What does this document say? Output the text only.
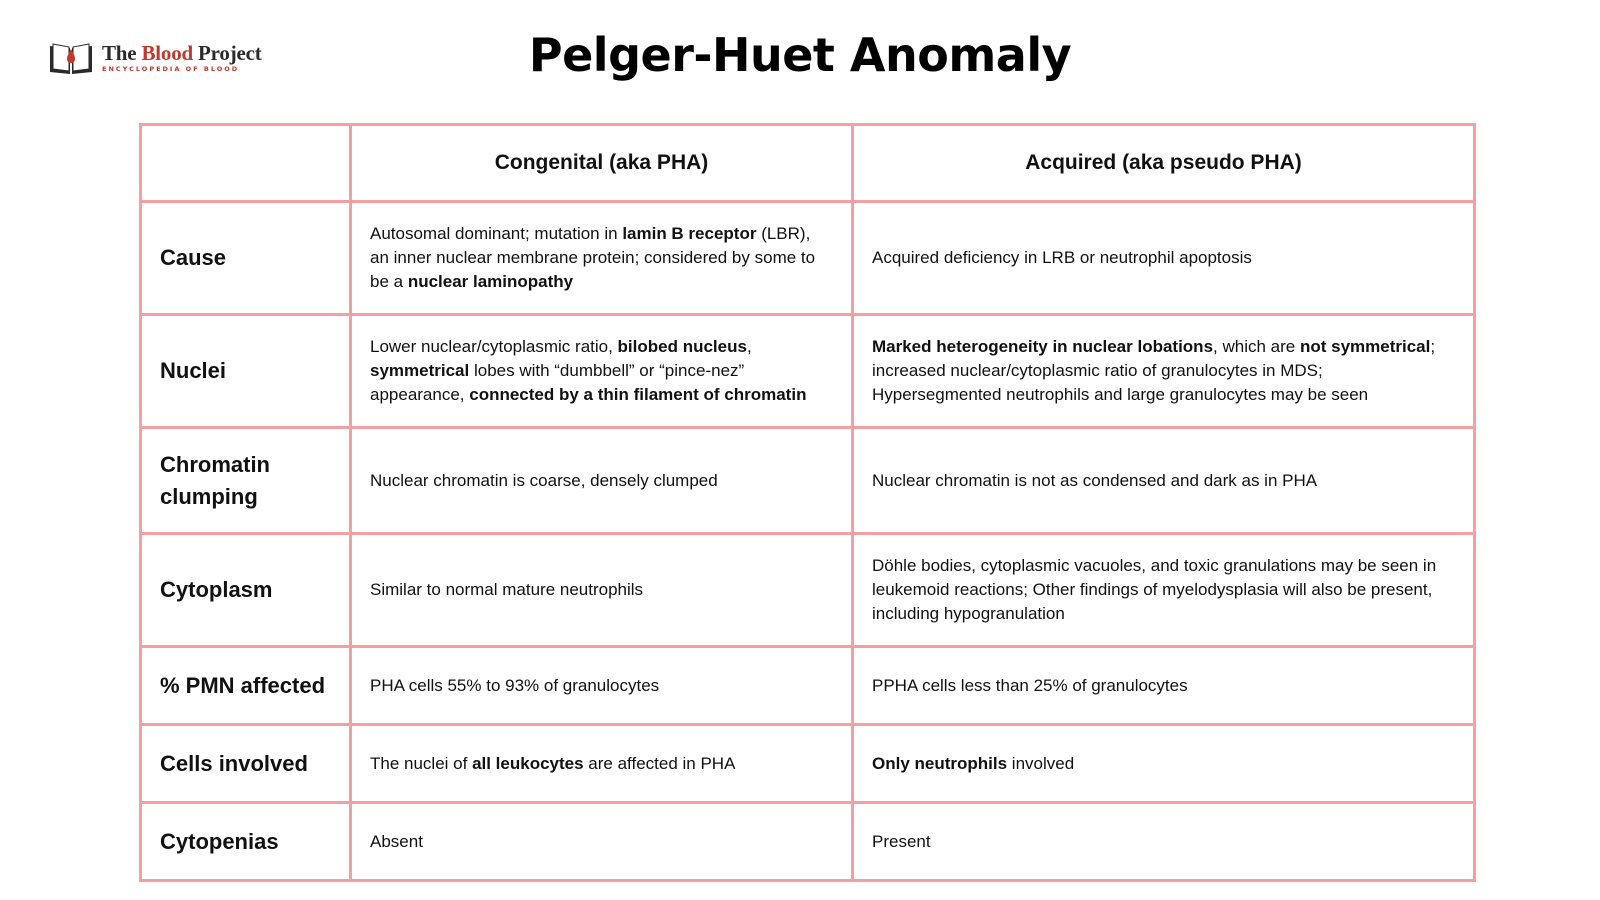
The Blood Project
ENCYCLOPEDIA OF BLOOD	Pelger-Huet Anomaly
	Congenital (aka PHA)	Acquired (aka pseudo PHA)
Cause	Autosomal dominant; mutation in lamin B receptor (LBR), an inner nuclear membrane protein; considered by some to be a nuclear laminopathy	Acquired deficiency in LRB or neutrophil apoptosis
Nuclei	Lower nuclear/cytoplasmic ratio, bilobed nucleus, symmetrical lobes with “dumbbell” or “pince-nez” appearance, connected by a thin filament of chromatin	Marked heterogeneity in nuclear lobations, which are not symmetrical; increased nuclear/cytoplasmic ratio of granulocytes in MDS; Hypersegmented neutrophils and large granulocytes may be seen
Chromatin clumping	Nuclear chromatin is coarse, densely clumped	Nuclear chromatin is not as condensed and dark as in PHA
Cytoplasm	Similar to normal mature neutrophils	Döhle bodies, cytoplasmic vacuoles, and toxic granulations may be seen in leukemoid reactions; Other findings of myelodysplasia will also be present, including hypogranulation
% PMN affected	PHA cells 55% to 93% of granulocytes	PPHA cells less than 25% of granulocytes
Cells involved	The nuclei of all leukocytes are affected in PHA	Only neutrophils involved
Cytopenias	Absent	Present
